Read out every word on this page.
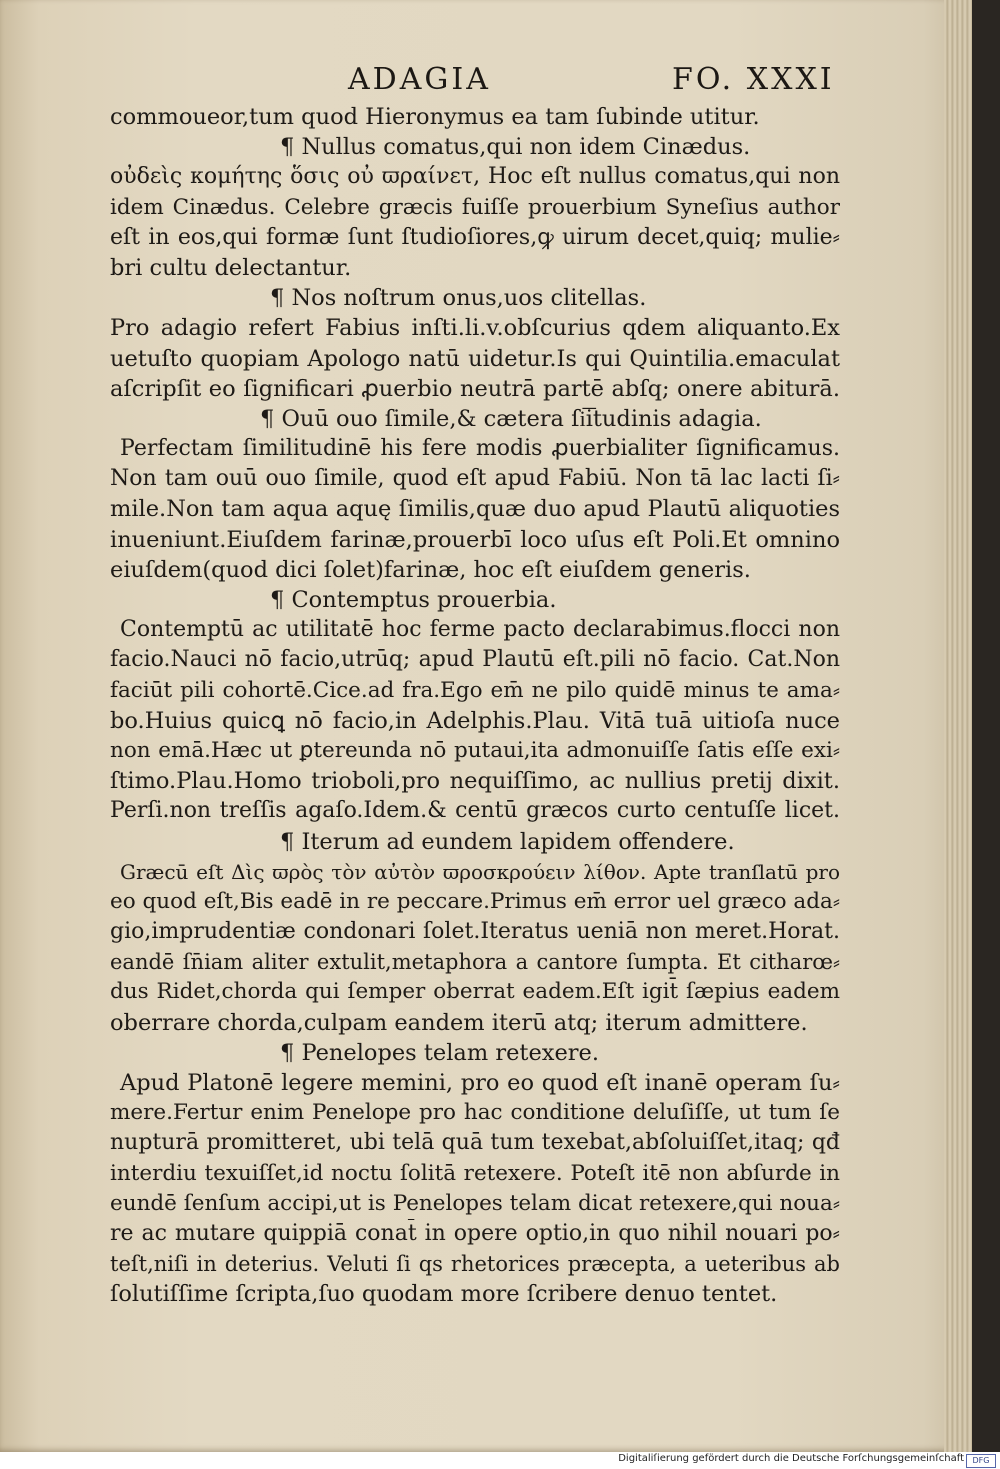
ADAGIA	FO. XXXI
commoueor,tum quod Hieronymus ea tam ſubinde utitur.
¶ Nullus comatus,qui non idem Cinædus.
οὐδεὶς κομήτης ὅσις οὐ ϖραίνετ, Hoc eſt nullus comatus,qui non
idem Cinædus. Celebre græcis fuiſſe prouerbium Syneſius author
eſt in eos,qui formæ ſunt ſtudioſiores,ꝙ uirum decet,quiq; mulie⸗
bri cultu delectantur.
¶ Nos noſtrum onus,uos clitellas.
Pro adagio refert Fabius inſti.li.v.obſcurius qdem aliquanto.Ex
uetuſto quopiam Apologo natū uidetur.Is qui Quintilia.emaculat
aſcripſit eo ſignificari ꝓuerbio neutrā partē abſq; onere abiturā.
¶ Ouū ouo ſimile,& cætera ſi͞itudinis adagia.
Perfectam ſimilitudinē his fere modis ꝓuerbialiter ſignificamus.
Non tam ouū ouo ſimile, quod eſt apud Fabiū. Non tā lac lacti ſi⸗
mile.Non tam aqua aquę ſimilis,quæ duo apud Plautū aliquoties
inueniunt.Eiuſdem farinæ,prouerbī loco uſus eſt Poli.Et omnino
eiuſdem(quod dici ſolet)farinæ, hoc eſt eiuſdem generis.
¶ Contemptus prouerbia.
Contemptū ac utilitatē hoc ferme pacto declarabimus.flocci non
facio.Nauci nō facio,utrūq; apud Plautū eſt.pili nō facio. Cat.Non
faciūt pili cohortē.Cice.ad fra.Ego em̄ ne pilo quidē minus te ama⸗
bo.Huius quicꝗ nō facio,in Adelphis.Plau. Vitā tuā uitioſa nuce
non emā.Hæc ut ꝑtereunda nō putaui,ita admonuiſſe ſatis eſſe exi⸗
ſtimo.Plau.Homo trioboli,pro nequiſſimo, ac nullius pretij dixit.
Perſi.non treſſis agaſo.Idem.& centū græcos curto centuſſe licet.
¶ Iterum ad eundem lapidem offendere.
Græcū eſt Δὶς ϖρὸς τὸν αὐτὸν ϖροσκρούειν λίθον. Apte tranſlatū pro
eo quod eſt,Bis eadē in re peccare.Primus em̄ error uel græco ada⸗
gio,imprudentiæ condonari ſolet.Iteratus ueniā non meret.Horat.
eandē ſn̄iam aliter extulit,metaphora a cantore ſumpta. Et citharœ⸗
dus Ridet,chorda qui ſemper oberrat eadem.Eſt igit̄ ſæpius eadem
oberrare chorda,culpam eandem iterū atq; iterum admittere.
¶ Penelopes telam retexere.
Apud Platonē legere memini, pro eo quod eſt inanē operam ſu⸗
mere.Fertur enim Penelope pro hac conditione deluſiſſe, ut tum ſe
nupturā promitteret, ubi telā quā tum texebat,abſoluiſſet,itaq; qđ
interdiu texuiſſet,id noctu ſolitā retexere. Poteſt itē non abſurde in
eundē ſenſum accipi,ut is Penelopes telam dicat retexere,qui noua⸗
re ac mutare quippiā conat̄ in opere optio,in quo nihil nouari po⸗
teſt,niſi in deterius. Veluti ſi qs rhetorices præcepta, a ueteribus ab
ſolutiſſime ſcripta,ſuo quodam more ſcribere denuo tentet.
Digitaliſierung gefördert durch die Deutsche Forſchungsgemeinſchaft	DFG
